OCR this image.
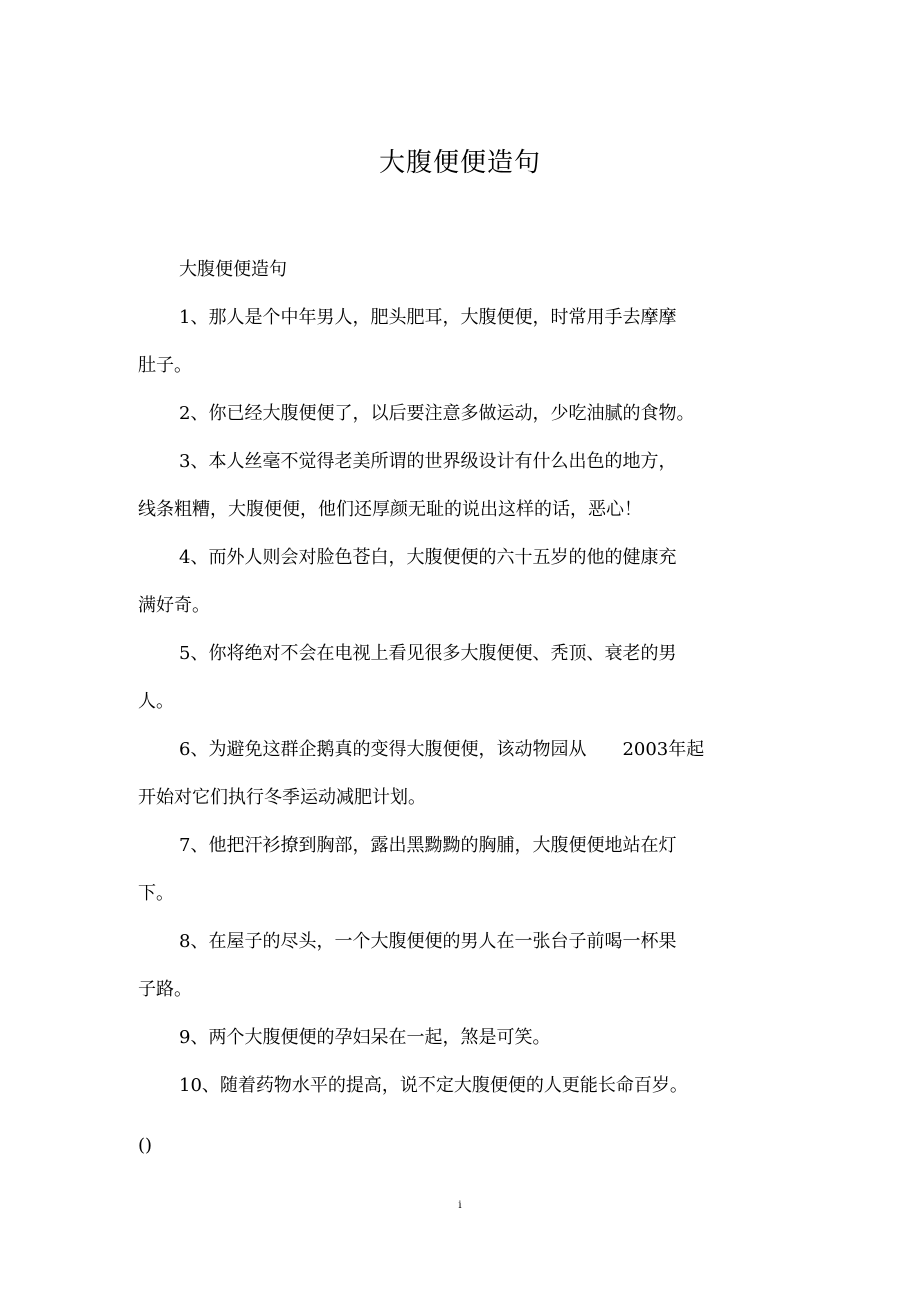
大腹便便造句
大腹便便造句
1、那人是个中年男人，肥头肥耳，大腹便便，时常用手去摩摩
肚子。
2、你已经大腹便便了，以后要注意多做运动，少吃油腻的食物。
3、本人丝毫不觉得老美所谓的世界级设计有什么出色的地方，
线条粗糟，大腹便便，他们还厚颜无耻的说出这样的话，恶心！
4、而外人则会对脸色苍白，大腹便便的六十五岁的他的健康充
满好奇。
5、你将绝对不会在电视上看见很多大腹便便、秃顶、衰老的男
人。
6、为避免这群企鹅真的变得大腹便便，该动物园从 2003年起
开始对它们执行冬季运动减肥计划。
7、他把汗衫撩到胸部，露出黑黝黝的胸脯，大腹便便地站在灯
下。
8、在屋子的尽头，一个大腹便便的男人在一张台子前喝一杯果
子路。
9、两个大腹便便的孕妇呆在一起，煞是可笑。
10、随着药物水平的提高，说不定大腹便便的人更能长命百岁。
()
i
